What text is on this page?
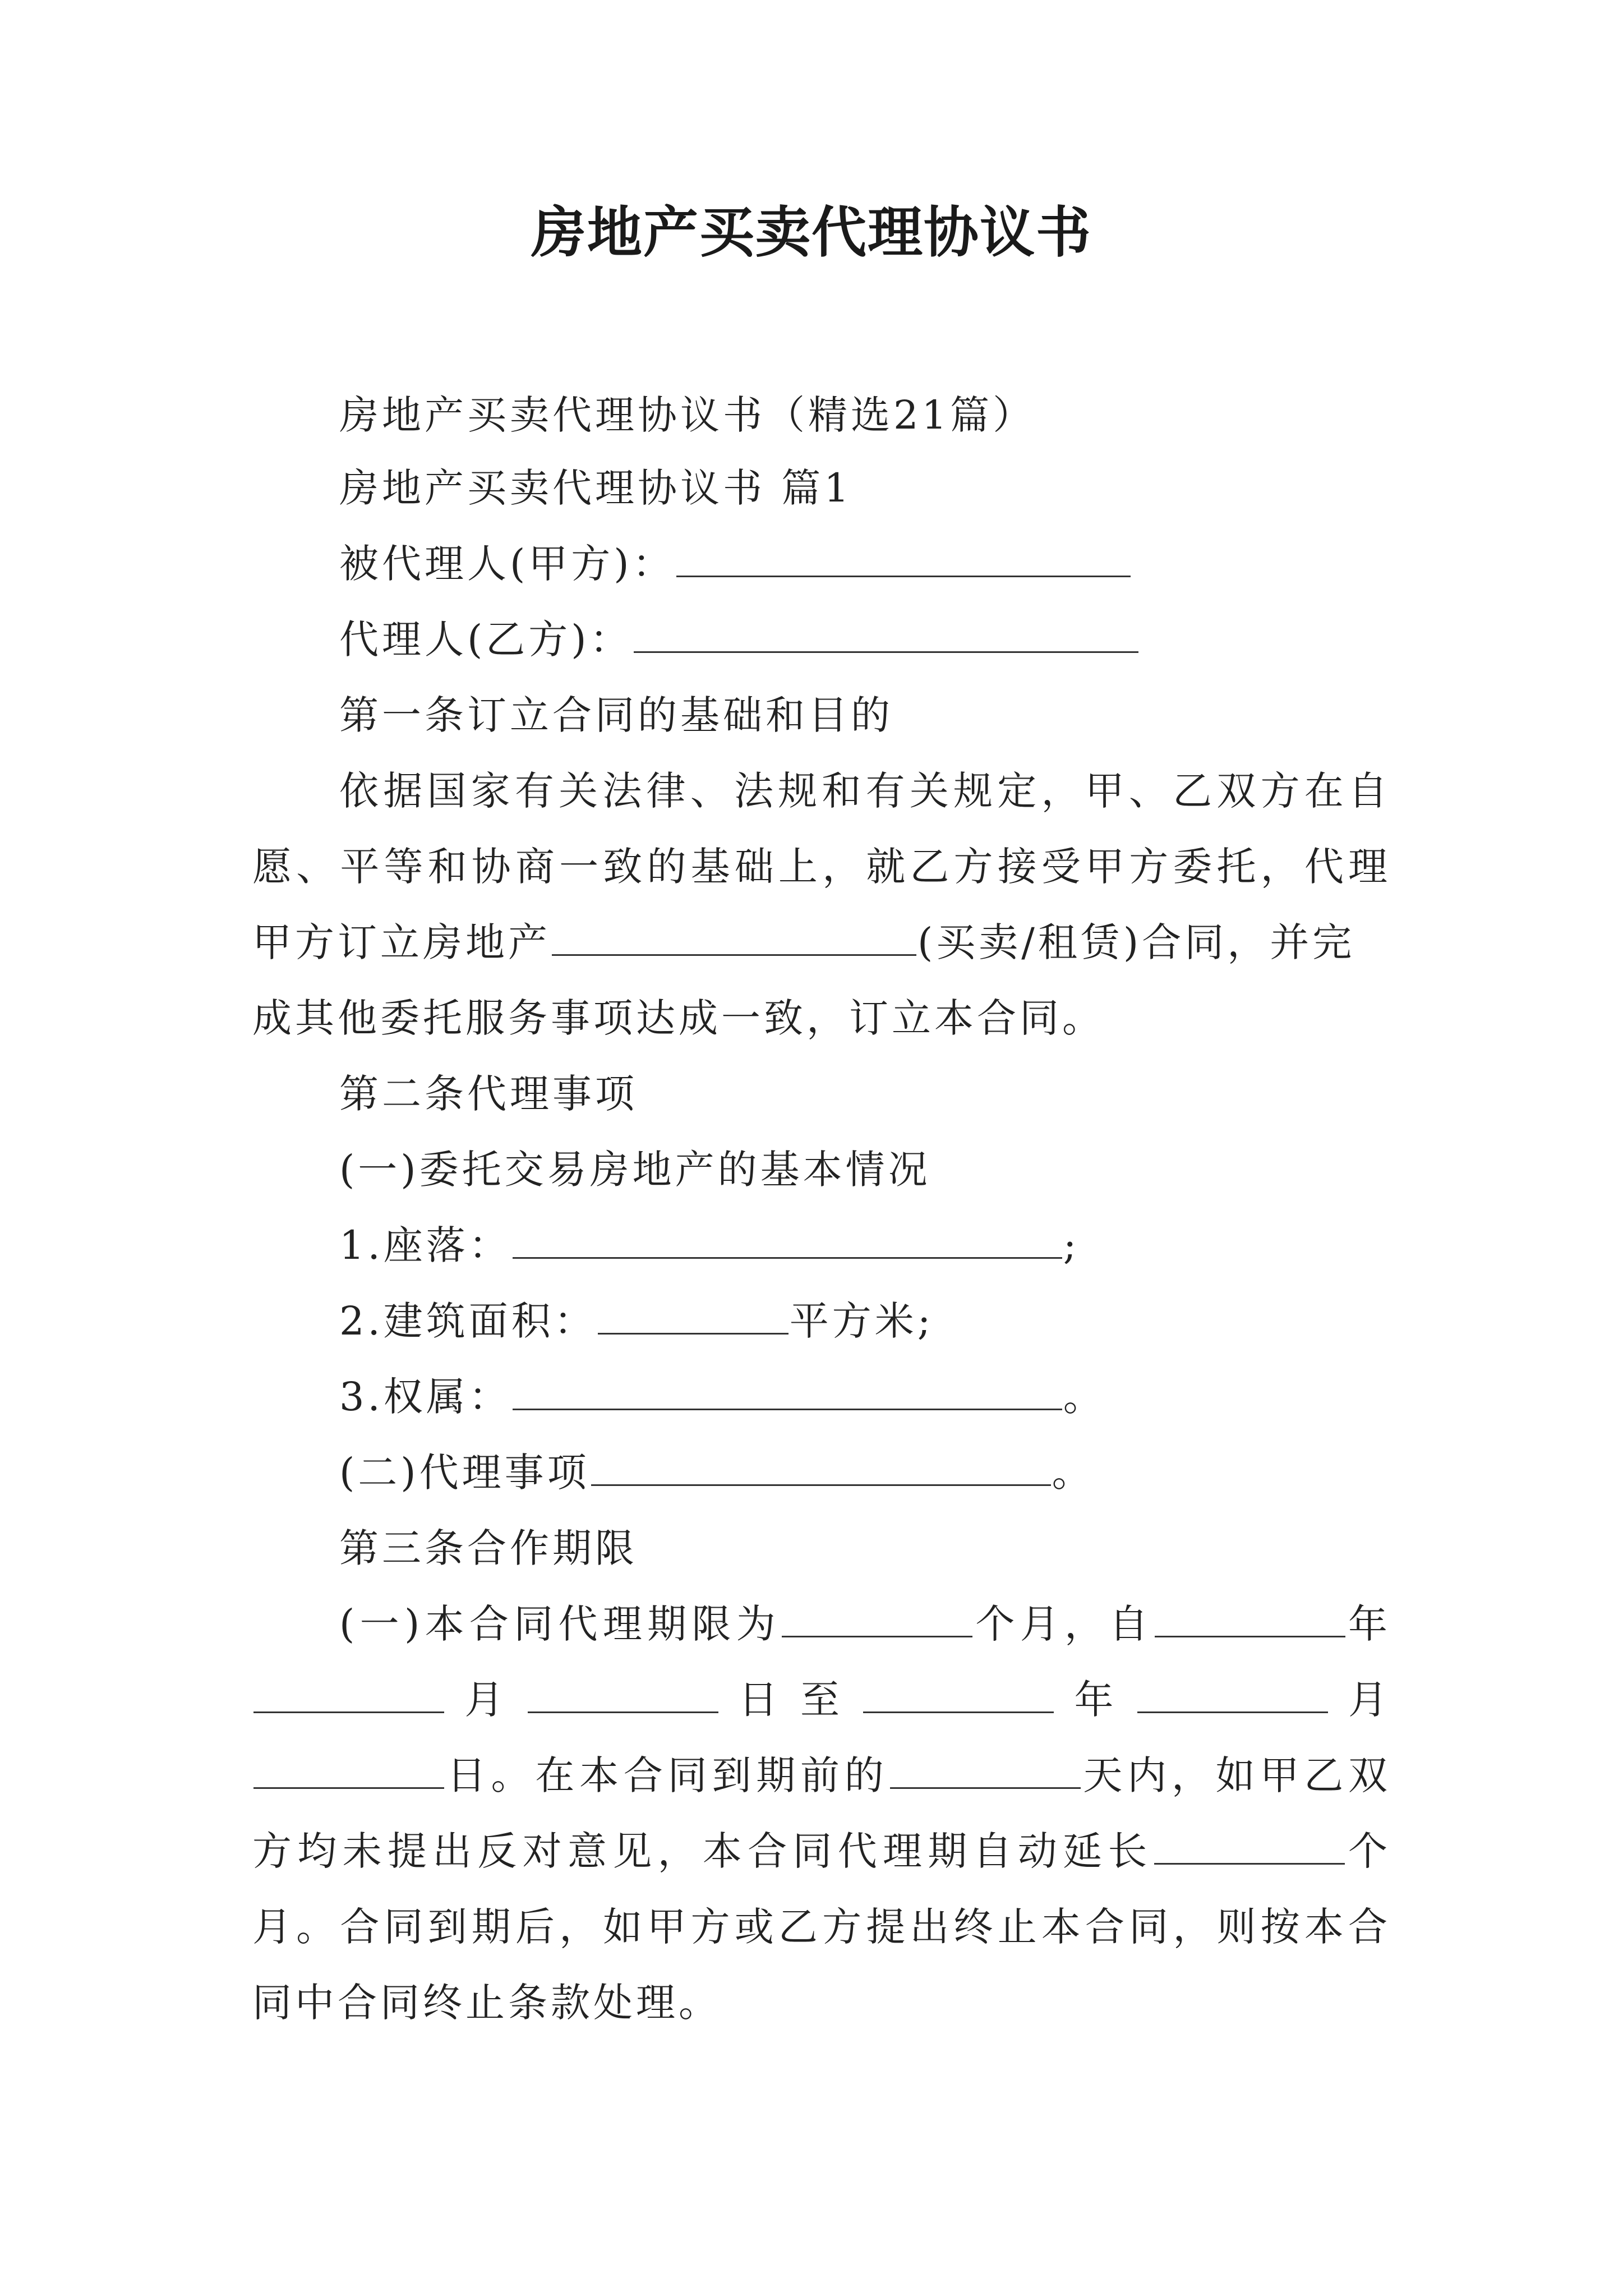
房地产买卖代理协议书
房地产买卖代理协议书（精选21篇）
房地产买卖代理协议书 篇1
被代理人(甲方)：
代理人(乙方)：
第一条订立合同的基础和目的
依据国家有关法律、法规和有关规定，甲、乙双方在自
愿、平等和协商一致的基础上，就乙方接受甲方委托，代理
甲方订立房地产	(买卖/租赁)合同，并完
成其他委托服务事项达成一致，订立本合同。
第二条代理事项
(一)委托交易房地产的基本情况
1.座落：	;
2.建筑面积：	平方米;
3.权属：	。
(二)代理事项	。
第三条合作期限
(一)本合同代理期限为	个月，自	年
月	日至	年	月
日。在本合同到期前的	天内，如甲乙双
方均未提出反对意见，本合同代理期自动延长	个
月。合同到期后，如甲方或乙方提出终止本合同，则按本合
同中合同终止条款处理。
